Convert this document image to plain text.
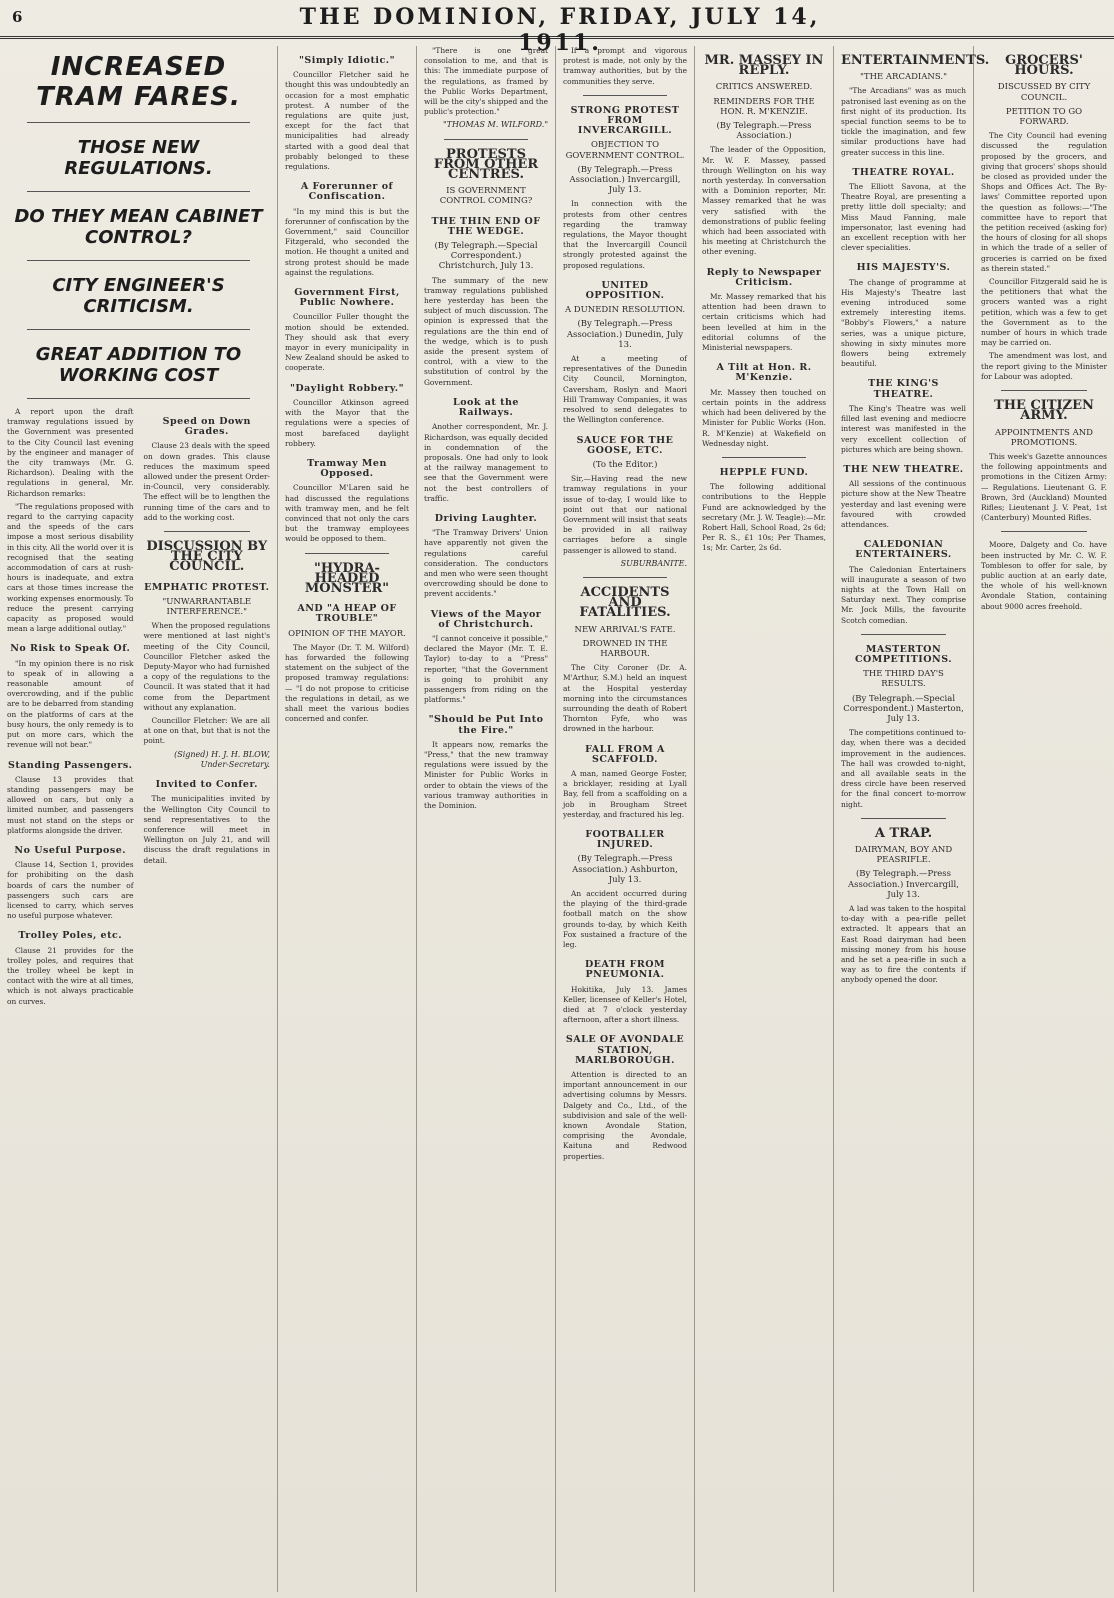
6	THE DOMINION, FRIDAY, JULY 14, 1911.
INCREASED TRAM FARES.
THOSE NEW REGULATIONS.
DO THEY MEAN CABINET CONTROL?
CITY ENGINEER'S CRITICISM.
GREAT ADDITION TO WORKING COST

A report upon the draft tramway regulations issued by the Government was presented to the City Council last evening by the engineer and manager of the city tramways (Mr. G. Richardson). Dealing with the regulations in general, Mr. Richardson remarks:

"The regulations proposed with regard to the carrying capacity and the speeds of the cars impose a most serious disability in this city. All the world over it is recognised that the seating accommodation of cars at rush-hours is inadequate, and extra cars at those times increase the working expenses enormously. To reduce the present carrying capacity as proposed would mean a large additional outlay."

No Risk to Speak Of.

"In my opinion there is no risk to speak of in allowing a reasonable amount of overcrowding, and if the public are to be debarred from standing on the platforms of cars at the busy hours, the only remedy is to put on more cars, which the revenue will not bear."

Standing Passengers.

Clause 13 provides that standing passengers may be allowed on cars, but only a limited number, and passengers must not stand on the steps or platforms alongside the driver.

No Useful Purpose.

Clause 14, Section 1, provides for prohibiting on the dash boards of cars the number of passengers such cars are licensed to carry, which serves no useful purpose whatever.

Trolley Poles, etc.

Clause 21 provides for the trolley poles, and requires that the trolley wheel be kept in contact with the wire at all times, which is not always practicable on curves.

Speed on Down Grades.

Clause 23 deals with the speed on down grades. This clause reduces the maximum speed allowed under the present Order-in-Council, very considerably. The effect will be to lengthen the running time of the cars and to add to the working cost.

DISCUSSION BY THE CITY COUNCIL.
EMPHATIC PROTEST.
"UNWARRANTABLE INTERFERENCE."

When the proposed regulations were mentioned at last night's meeting of the City Council, Councillor Fletcher asked the Deputy-Mayor who had furnished a copy of the regulations to the Council. It was stated that it had come from the Department without any explanation.

Councillor Fletcher: We are all at one on that, but that is not the point.

(Signed) H. J. H. BLOW, Under-Secretary.
Invited to Confer.

The municipalities invited by the Wellington City Council to send representatives to the conference will meet in Wellington on July 21, and will discuss the draft regulations in detail.

"Simply Idiotic."

Councillor Fletcher said he thought this was undoubtedly an occasion for a most emphatic protest. A number of the regulations are quite just, except for the fact that municipalities had already started with a good deal that probably belonged to these regulations.

A Forerunner of Confiscation.

"In my mind this is but the forerunner of confiscation by the Government," said Councillor Fitzgerald, who seconded the motion. He thought a united and strong protest should be made against the regulations.

Government First, Public Nowhere.

Councillor Fuller thought the motion should be extended. They should ask that every mayor in every municipality in New Zealand should be asked to cooperate.

"Daylight Robbery."

Councillor Atkinson agreed with the Mayor that the regulations were a species of most barefaced daylight robbery.

Tramway Men Opposed.

Councillor M'Laren said he had discussed the regulations with tramway men, and he felt convinced that not only the cars but the tramway employees would be opposed to them.

"HYDRA-HEADED MONSTER"
AND "A HEAP OF TROUBLE"
OPINION OF THE MAYOR.

The Mayor (Dr. T. M. Wilford) has forwarded the following statement on the subject of the proposed tramway regulations:— "I do not propose to criticise the regulations in detail, as we shall meet the various bodies concerned and confer.

"There is one great consolation to me, and that is this: The immediate purpose of the regulations, as framed by the Public Works Department, will be the city's shipped and the public's protection."

"THOMAS M. WILFORD."
PROTESTS FROM OTHER CENTRES.
IS GOVERNMENT CONTROL COMING?
THE THIN END OF THE WEDGE.
(By Telegraph.—Special Correspondent.) Christchurch, July 13.

The summary of the new tramway regulations published here yesterday has been the subject of much discussion. The opinion is expressed that the regulations are the thin end of the wedge, which is to push aside the present system of control, with a view to the substitution of control by the Government.

Look at the Railways.

Another correspondent, Mr. J. Richardson, was equally decided in condemnation of the proposals. One had only to look at the railway management to see that the Government were not the best controllers of traffic.

Driving Laughter.

"The Tramway Drivers' Union have apparently not given the regulations careful consideration. The conductors and men who were seen thought overcrowding should be done to prevent accidents."

Views of the Mayor of Christchurch.

"I cannot conceive it possible," declared the Mayor (Mr. T. E. Taylor) to-day to a "Press" reporter, "that the Government is going to prohibit any passengers from riding on the platforms."

"Should be Put Into the Fire."

It appears now, remarks the "Press," that the new tramway regulations were issued by the Minister for Public Works in order to obtain the views of the various tramway authorities in the Dominion.

If a prompt and vigorous protest is made, not only by the tramway authorities, but by the communities they serve.

STRONG PROTEST FROM INVERCARGILL.
OBJECTION TO GOVERNMENT CONTROL.
(By Telegraph.—Press Association.) Invercargill, July 13.

In connection with the protests from other centres regarding the tramway regulations, the Mayor thought that the Invercargill Council strongly protested against the proposed regulations.

UNITED OPPOSITION.
A DUNEDIN RESOLUTION.
(By Telegraph.—Press Association.) Dunedin, July 13.

At a meeting of representatives of the Dunedin City Council, Mornington, Caversham, Roslyn and Maori Hill Tramway Companies, it was resolved to send delegates to the Wellington conference.

SAUCE FOR THE GOOSE, ETC.
(To the Editor.)

Sir,—Having read the new tramway regulations in your issue of to-day, I would like to point out that our national Government will insist that seats be provided in all railway carriages before a single passenger is allowed to stand.

SUBURBANITE.
ACCIDENTS AND FATALITIES.
NEW ARRIVAL'S FATE.
DROWNED IN THE HARBOUR.

The City Coroner (Dr. A. M'Arthur, S.M.) held an inquest at the Hospital yesterday morning into the circumstances surrounding the death of Robert Thornton Fyfe, who was drowned in the harbour.

FALL FROM A SCAFFOLD.

A man, named George Foster, a bricklayer, residing at Lyall Bay, fell from a scaffolding on a job in Brougham Street yesterday, and fractured his leg.

FOOTBALLER INJURED.
(By Telegraph.—Press Association.) Ashburton, July 13.

An accident occurred during the playing of the third-grade football match on the show grounds to-day, by which Keith Fox sustained a fracture of the leg.

DEATH FROM PNEUMONIA.

Hokitika, July 13. James Keller, licensee of Keller's Hotel, died at 7 o'clock yesterday afternoon, after a short illness.

SALE OF AVONDALE STATION, MARLBOROUGH.

Attention is directed to an important announcement in our advertising columns by Messrs. Dalgety and Co., Ltd., of the subdivision and sale of the well-known Avondale Station, comprising the Avondale, Kaituna and Redwood properties.

MR. MASSEY IN REPLY.
CRITICS ANSWERED.
REMINDERS FOR THE HON. R. M'KENZIE.
(By Telegraph.—Press Association.)

The leader of the Opposition, Mr. W. F. Massey, passed through Wellington on his way north yesterday. In conversation with a Dominion reporter, Mr. Massey remarked that he was very satisfied with the demonstrations of public feeling which had been associated with his meeting at Christchurch the other evening.

Reply to Newspaper Criticism.

Mr. Massey remarked that his attention had been drawn to certain criticisms which had been levelled at him in the editorial columns of the Ministerial newspapers.

A Tilt at Hon. R. M'Kenzie.

Mr. Massey then touched on certain points in the address which had been delivered by the Minister for Public Works (Hon. R. M'Kenzie) at Wakefield on Wednesday night.

HEPPLE FUND.

The following additional contributions to the Hepple Fund are acknowledged by the secretary (Mr. J. W. Teagle):—Mr. Robert Hall, School Road, 2s 6d; Per R. S., £1 10s; Per Thames, 1s; Mr. Carter, 2s 6d.

ENTERTAINMENTS.
"THE ARCADIANS."

"The Arcadians" was as much patronised last evening as on the first night of its production. Its special function seems to be to tickle the imagination, and few similar productions have had greater success in this line.

THEATRE ROYAL.

The Elliott Savona, at the Theatre Royal, are presenting a pretty little doll specialty; and Miss Maud Fanning, male impersonator, last evening had an excellent reception with her clever specialities.

HIS MAJESTY'S.

The change of programme at His Majesty's Theatre last evening introduced some extremely interesting items. "Bobby's Flowers," a nature series, was a unique picture, showing in sixty minutes more flowers being extremely beautiful.

THE KING'S THEATRE.

The King's Theatre was well filled last evening and mediocre interest was manifested in the very excellent collection of pictures which are being shown.

THE NEW THEATRE.

All sessions of the continuous picture show at the New Theatre yesterday and last evening were favoured with crowded attendances.

CALEDONIAN ENTERTAINERS.

The Caledonian Entertainers will inaugurate a season of two nights at the Town Hall on Saturday next. They comprise Mr. Jock Mills, the favourite Scotch comedian.

MASTERTON COMPETITIONS.
THE THIRD DAY'S RESULTS.
(By Telegraph.—Special Correspondent.) Masterton, July 13.

The competitions continued to-day, when there was a decided improvement in the audiences. The hall was crowded to-night, and all available seats in the dress circle have been reserved for the final concert to-morrow night.

A TRAP.
DAIRYMAN, BOY AND PEASRIFLE.
(By Telegraph.—Press Association.) Invercargill, July 13.

A lad was taken to the hospital to-day with a pea-rifle pellet extracted. It appears that an East Road dairyman had been missing money from his house and he set a pea-rifle in such a way as to fire the contents if anybody opened the door.

GROCERS' HOURS.
DISCUSSED BY CITY COUNCIL.
PETITION TO GO FORWARD.

The City Council had evening discussed the regulation proposed by the grocers, and giving that grocers' shops should be closed as provided under the Shops and Offices Act. The By-laws' Committee reported upon the question as follows:—"The committee have to report that the petition received (asking for) the hours of closing for all shops in which the trade of a seller of groceries is carried on be fixed as therein stated."

Councillor Fitzgerald said he is the petitioners that what the grocers wanted was a right petition, which was a few to get the Government as to the number of hours in which trade may be carried on.

The amendment was lost, and the report giving to the Minister for Labour was adopted.

THE CITIZEN ARMY.
APPOINTMENTS AND PROMOTIONS.

This week's Gazette announces the following appointments and promotions in the Citizen Army:— Regulations. Lieutenant G. F. Brown, 3rd (Auckland) Mounted Rifles; Lieutenant J. V. Peat, 1st (Canterbury) Mounted Rifles.

Moore, Dalgety and Co. have been instructed by Mr. C. W. F. Tombleson to offer for sale, by public auction at an early date, the whole of his well-known Avondale Station, containing about 9000 acres freehold.
